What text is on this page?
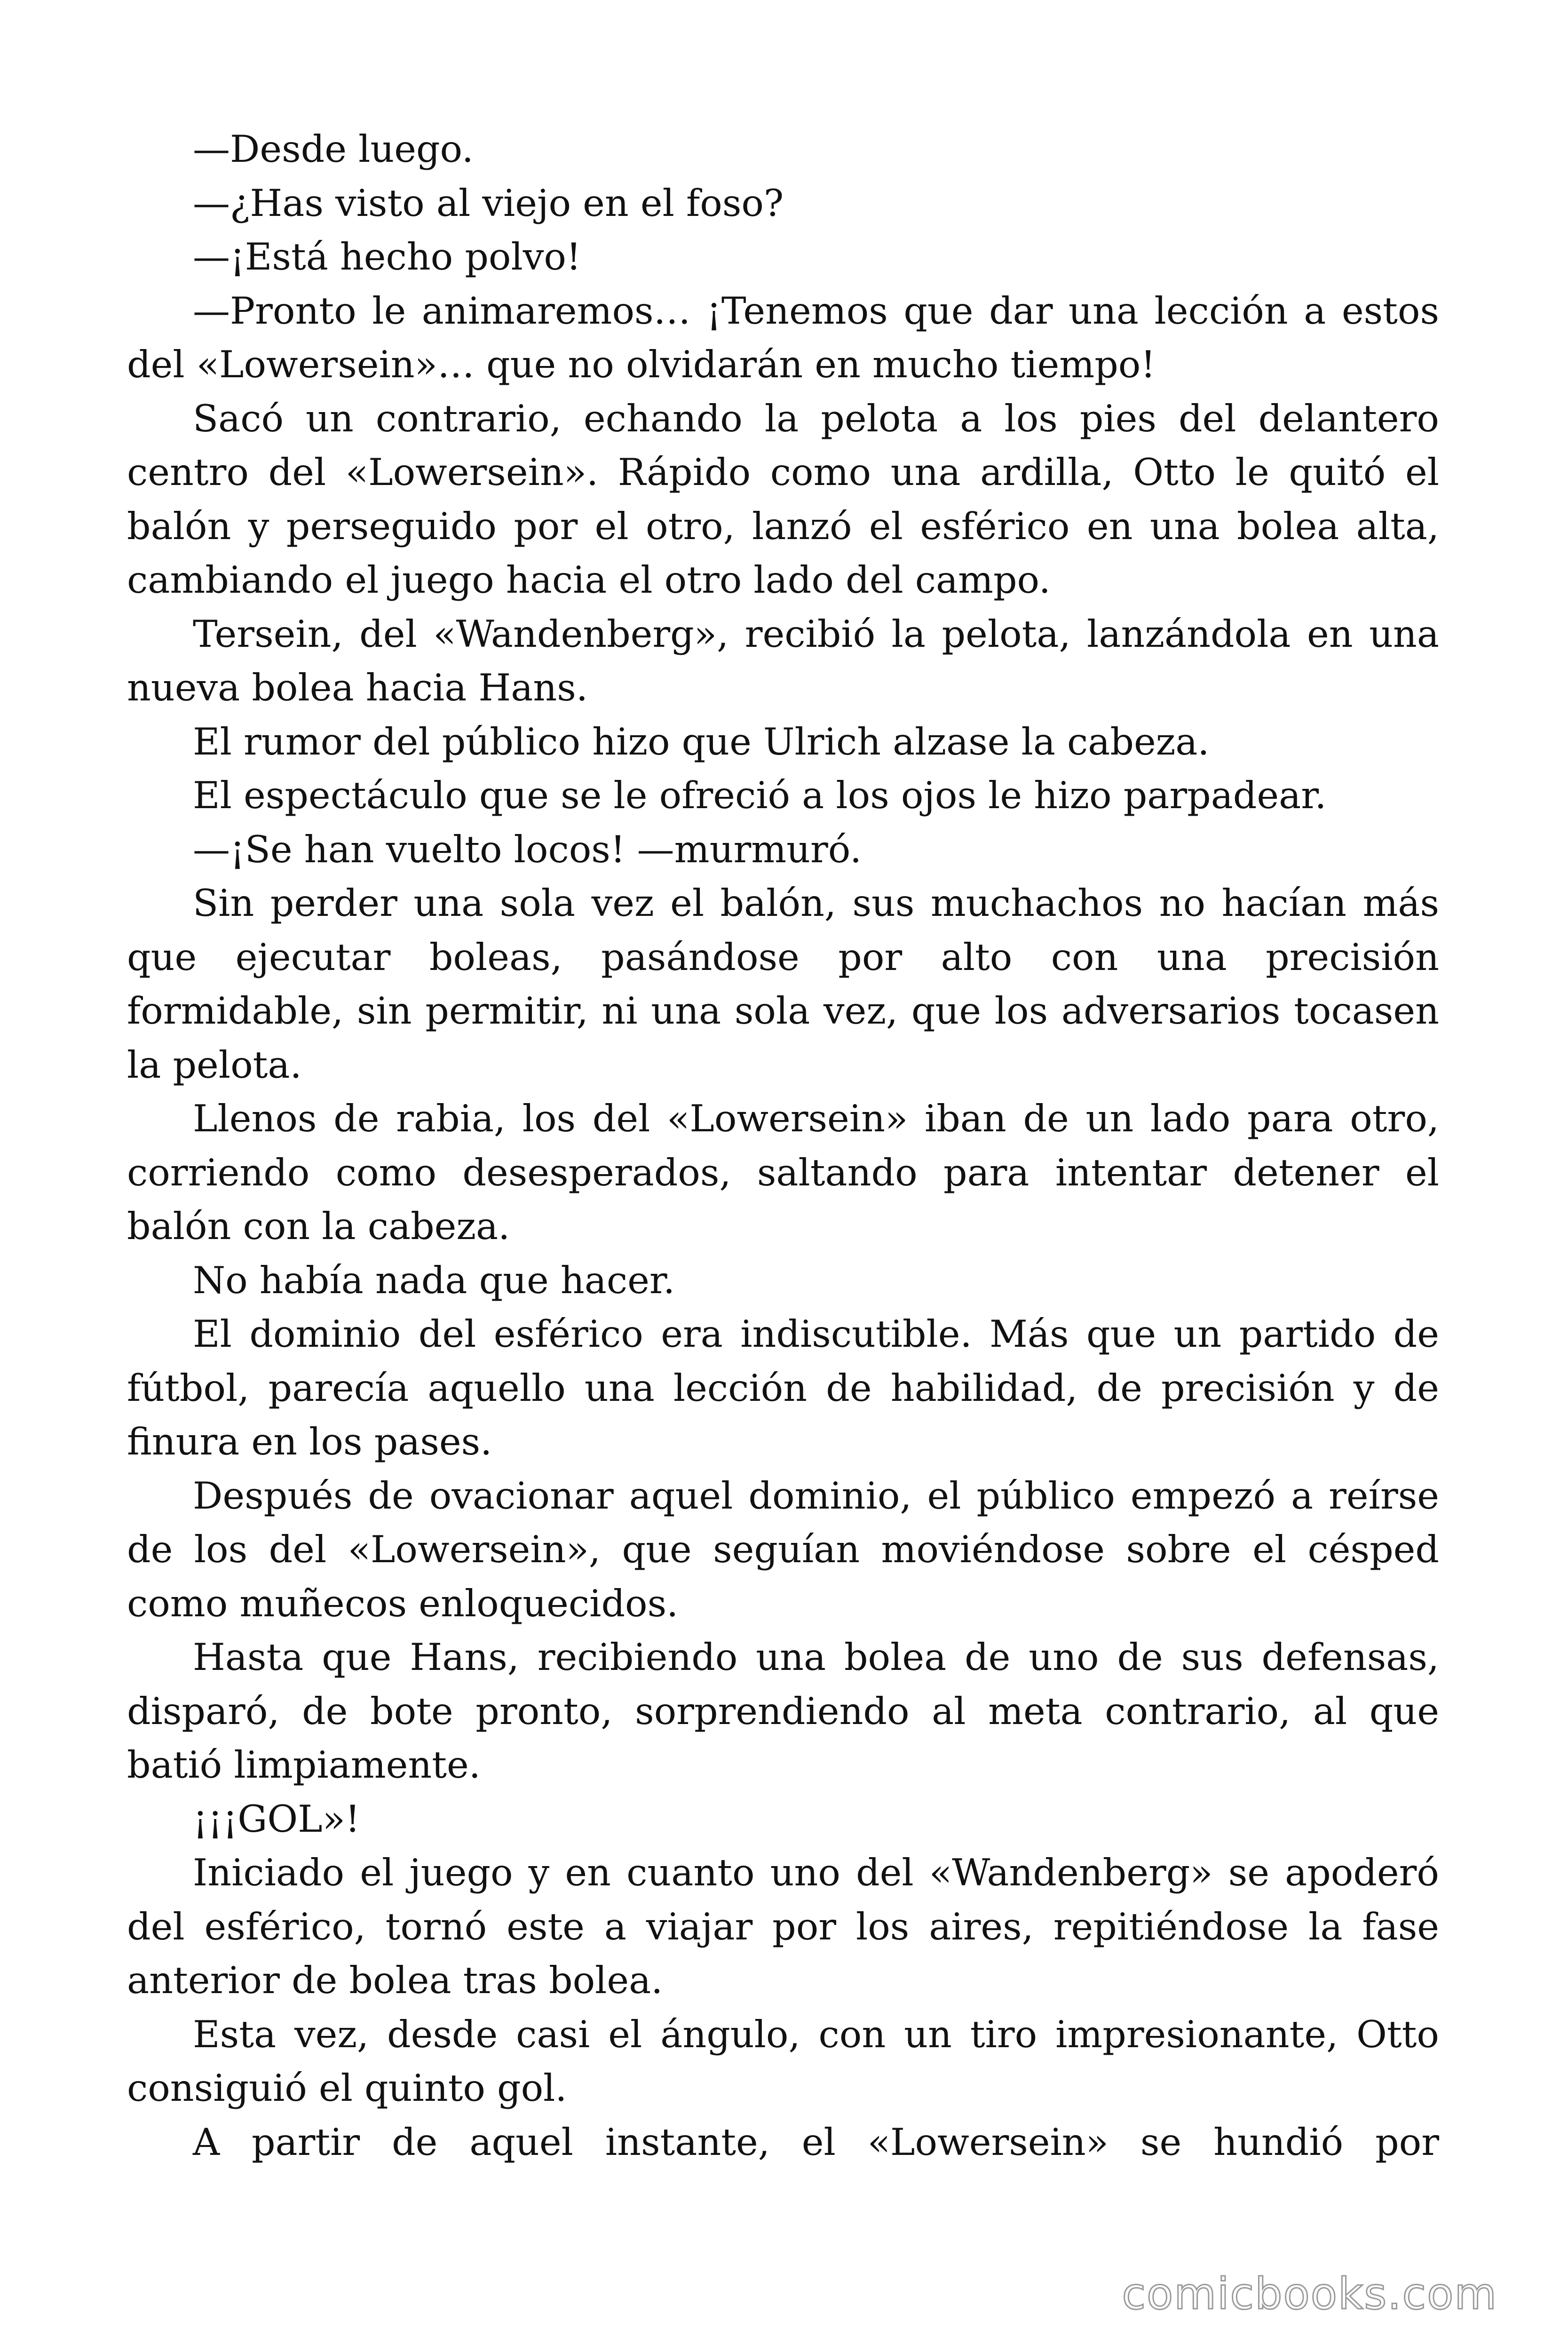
—Desde luego.

—¿Has visto al viejo en el foso?

—¡Está hecho polvo!

—Pronto le animaremos… ¡Tenemos que dar una lección a estos del «Lowersein»… que no olvidarán en mucho tiempo!

Sacó un contrario, echando la pelota a los pies del delantero centro del «Lowersein». Rápido como una ardilla, Otto le quitó el balón y perseguido por el otro, lanzó el esférico en una bolea alta, cambiando el juego hacia el otro lado del campo.

Tersein, del «Wandenberg», recibió la pelota, lanzándola en una nueva bolea hacia Hans.

El rumor del público hizo que Ulrich alzase la cabeza.

El espectáculo que se le ofreció a los ojos le hizo parpadear.

—¡Se han vuelto locos! —murmuró.

Sin perder una sola vez el balón, sus muchachos no hacían más que ejecutar boleas, pasándose por alto con una precisión formidable, sin permitir, ni una sola vez, que los adversarios tocasen la pelota.

Llenos de rabia, los del «Lowersein» iban de un lado para otro, corriendo como desesperados, saltando para intentar detener el balón con la cabeza.

No había nada que hacer.

El dominio del esférico era indiscutible. Más que un partido de fútbol, parecía aquello una lección de habilidad, de precisión y de finura en los pases.

Después de ovacionar aquel dominio, el público empezó a reírse de los del «Lowersein», que seguían moviéndose sobre el césped como muñecos enloquecidos.

Hasta que Hans, recibiendo una bolea de uno de sus defensas, disparó, de bote pronto, sorprendiendo al meta contrario, al que batió limpiamente.

¡¡¡GOL»!

Iniciado el juego y en cuanto uno del «Wandenberg» se apoderó del esférico, tornó este a viajar por los aires, repitiéndose la fase anterior de bolea tras bolea.

Esta vez, desde casi el ángulo, con un tiro impresionante, Otto consiguió el quinto gol.

A partir de aquel instante, el «Lowersein» se hundió por

comicbooks.com
